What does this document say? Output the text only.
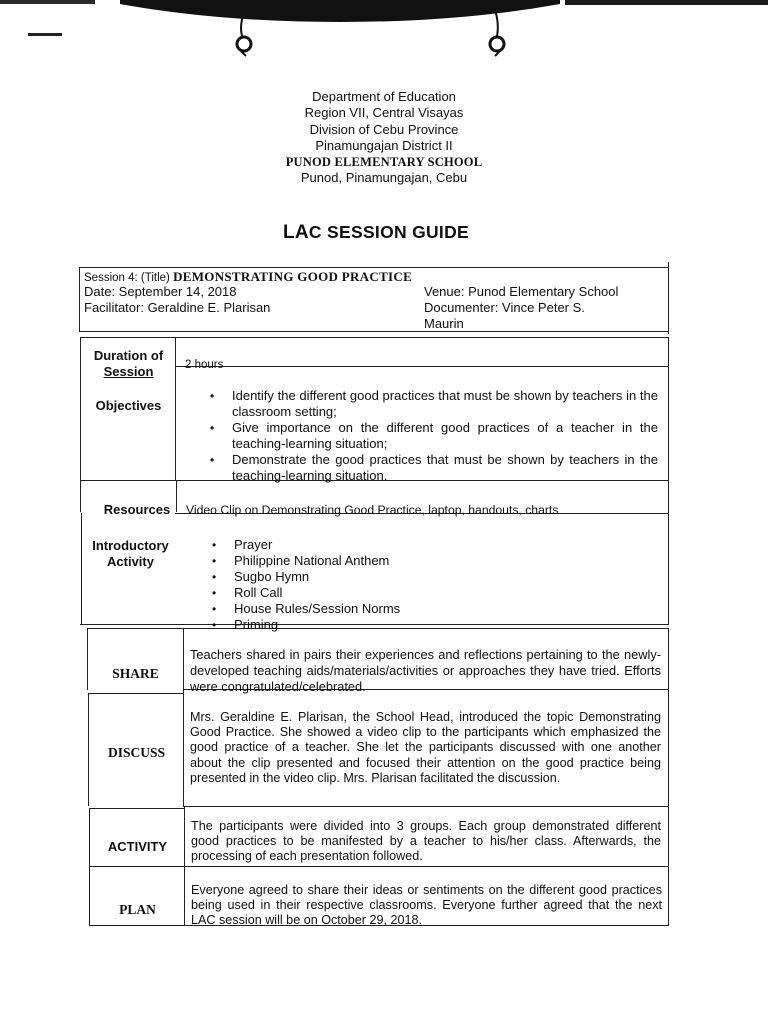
Department of Education
Region VII, Central Visayas
Division of Cebu Province
Pinamungajan District II
PUNOD ELEMENTARY SCHOOL
Punod, Pinamungajan, Cebu
LAC SESSION GUIDE
Session 4: (Title) DEMONSTRATING GOOD PRACTICE
Date: September 14, 2018
Facilitator: Geraldine E. Plarisan
Venue: Punod Elementary School
Documenter: Vince Peter S.
Maurin
Duration of
Session	2 hours
Objectives
• Identify the different good practices that must be shown by teachers in the classroom setting;
• Give importance on the different good practices of a teacher in the teaching-learning situation;
• Demonstrate the good practices that must be shown by teachers in the teaching-learning situation.
Resources	Video Clip on Demonstrating Good Practice, laptop, handouts, charts
Introductory
Activity
• Prayer
• Philippine National Anthem
• Sugbo Hymn
• Roll Call
• House Rules/Session Norms
• Priming
SHARE
Teachers shared in pairs their experiences and reflections pertaining to the newly-developed teaching aids/materials/activities or approaches they have tried. Efforts were congratulated/celebrated.
DISCUSS
Mrs. Geraldine E. Plarisan, the School Head, introduced the topic Demonstrating Good Practice. She showed a video clip to the participants which emphasized the good practice of a teacher. She let the participants discussed with one another about the clip presented and focused their attention on the good practice being presented in the video clip. Mrs. Plarisan facilitated the discussion.
ACTIVITY
The participants were divided into 3 groups. Each group demonstrated different good practices to be manifested by a teacher to his/her class. Afterwards, the processing of each presentation followed.
PLAN
Everyone agreed to share their ideas or sentiments on the different good practices being used in their respective classrooms. Everyone further agreed that the next LAC session will be on October 29, 2018.
